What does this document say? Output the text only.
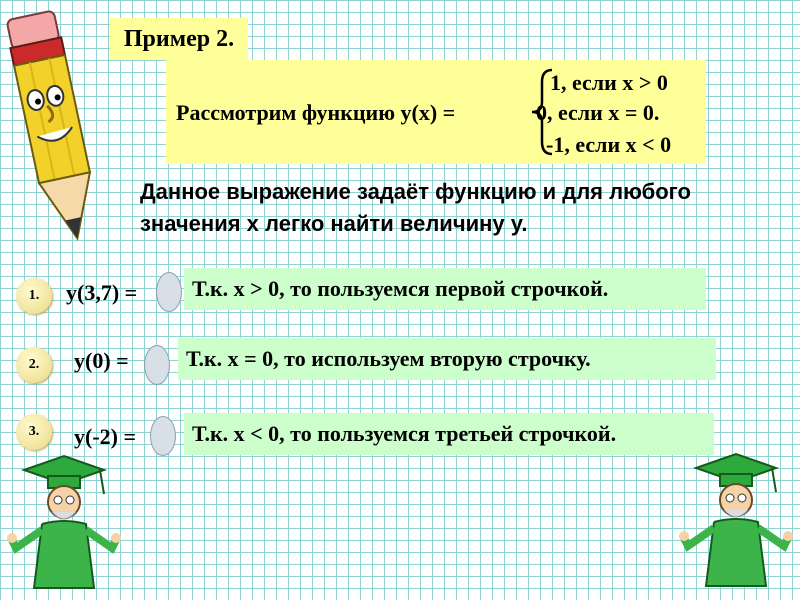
Пример 2.
Рассмотрим функцию y(x) =
1, если x > 0
0, если x = 0.
-1, если x < 0
Данное выражение задаёт функцию и для любого значения x легко найти величину y.
1.	y(3,7) =	Т.к. x > 0, то пользуемся первой строчкой.
2.	y(0) =	Т.к. x = 0, то используем вторую строчку.
3.	y(-2) =	Т.к. x < 0, то пользуемся третьей строчкой.
